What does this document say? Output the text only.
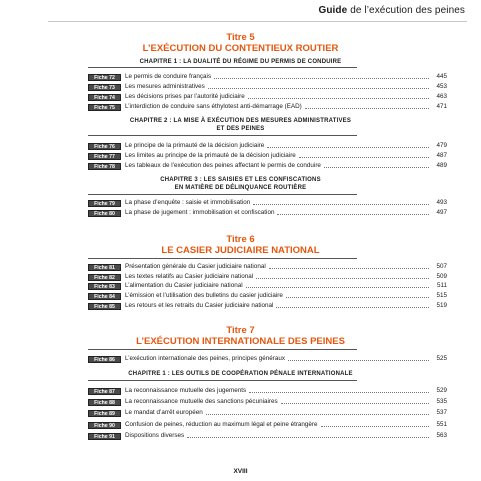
Guide de l’exécution des peines
Titre 5
L’EXÉCUTION DU CONTENTIEUX ROUTIER
CHAPITRE 1 : LA DUALITÉ DU RÉGIME DU PERMIS DE CONDUIRE
Fiche 72	Le permis de conduire français	445
Fiche 73	Les mesures administratives	453
Fiche 74	Les décisions prises par l’autorité judiciaire	463
Fiche 75	L’interdiction de conduire sans éthylotest anti-démarrage (EAD)	471
CHAPITRE 2 : LA MISE À EXÉCUTION DES MESURES ADMINISTRATIVES
ET DES PEINES
Fiche 76	Le principe de la primauté de la décision judiciaire	479
Fiche 77	Les limites au principe de la primauté de la décision judiciaire	487
Fiche 78	Les tableaux de l’exécution des peines affectant le permis de conduire	489
CHAPITRE 3 : LES SAISIES ET LES CONFISCATIONS
EN MATIÈRE DE DÉLINQUANCE ROUTIÈRE
Fiche 79	La phase d’enquête : saisie et immobilisation	493
Fiche 80	La phase de jugement : immobilisation et confiscation	497
Titre 6
LE CASIER JUDICIAIRE NATIONAL
Fiche 81	Présentation générale du Casier judiciaire national	507
Fiche 82	Les textes relatifs au Casier judiciaire national	509
Fiche 83	L’alimentation du Casier judiciaire national	511
Fiche 84	L’émission et l’utilisation des bulletins du casier judiciaire	515
Fiche 85	Les retours et les retraits du Casier judiciaire national	519
Titre 7
L’EXÉCUTION INTERNATIONALE DES PEINES
Fiche 86	L’exécution internationale des peines, principes généraux	525
CHAPITRE 1 : LES OUTILS DE COOPÉRATION PÉNALE INTERNATIONALE
Fiche 87	La reconnaissance mutuelle des jugements	529
Fiche 88	La reconnaissance mutuelle des sanctions pécuniaires	535
Fiche 89	Le mandat d’arrêt européen	537
Fiche 90	Confusion de peines, réduction au maximum légal et peine étrangère	551
Fiche 91	Dispositions diverses	563
XVIII
